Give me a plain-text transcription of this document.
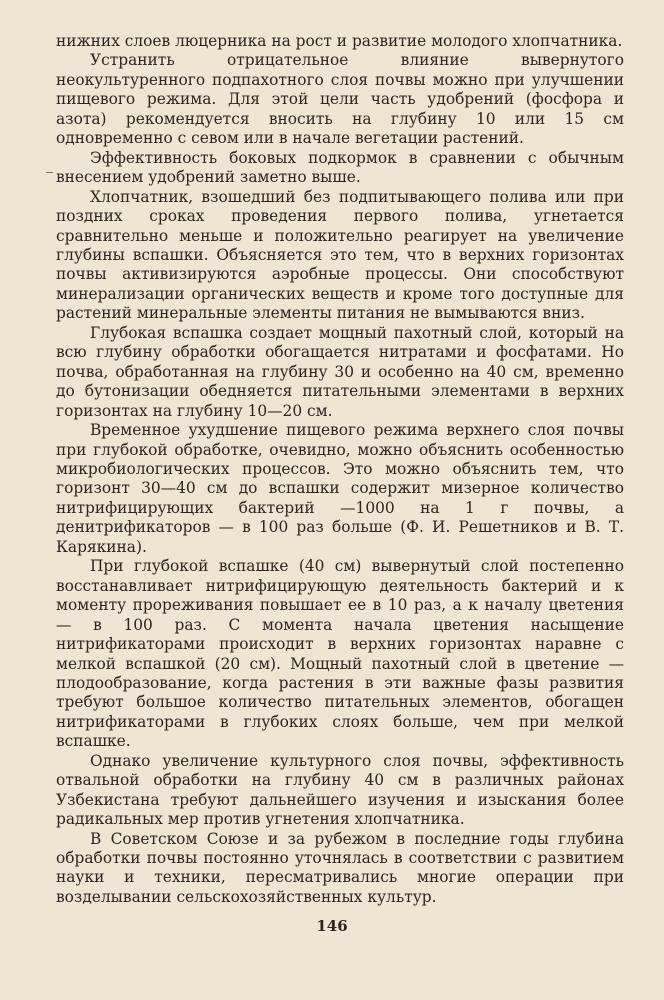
нижних слоев люцерника на рост и развитие молодого хлопчатника.

Устранить отрицательное влияние вывернутого неокультуренного подпахотного слоя почвы можно при улучшении пищевого режима. Для этой цели часть удобрений (фосфора и азота) рекомендуется вносить на глубину 10 или 15 см одновременно с севом или в начале вегетации растений.

Эффективность боковых подкормок в сравнении с обычным внесением удобрений заметно выше.

Хлопчатник, взошедший без подпитывающего полива или при поздних сроках проведения первого полива, угнетается сравнительно меньше и положительно реагирует на увеличение глубины вспашки. Объясняется это тем, что в верхних горизонтах почвы активизируются аэробные процессы. Они способствуют минерализации органических веществ и кроме того доступные для растений минеральные элементы питания не вымываются вниз.

Глубокая вспашка создает мощный пахотный слой, который на всю глубину обработки обогащается нитратами и фосфатами. Но почва, обработанная на глубину 30 и особенно на 40 см, временно до бутонизации обедняется питательными элементами в верхних горизонтах на глубину 10—20 см.

Временное ухудшение пищевого режима верхнего слоя почвы при глубокой обработке, очевидно, можно объяснить особенностью микробиологических процессов. Это можно объяснить тем, что горизонт 30—40 см до вспашки содержит мизерное количество нитрифицирующих бактерий —1000 на 1 г почвы, а денитрификаторов — в 100 раз больше (Ф. И. Решетников и В. Т. Карякина).

При глубокой вспашке (40 см) вывернутый слой постепенно восстанавливает нитрифицирующую деятельность бактерий и к моменту прореживания повышает ее в 10 раз, а к началу цветения — в 100 раз. С момента начала цветения насыщение нитрификаторами происходит в верхних горизонтах наравне с мелкой вспашкой (20 см). Мощный пахотный слой в цветение — плодообразование, когда растения в эти важные фазы развития требуют большое количество питательных элементов, обогащен нитрификаторами в глубоких слоях больше, чем при мелкой вспашке.

Однако увеличение культурного слоя почвы, эффективность отвальной обработки на глубину 40 см в различных районах Узбекистана требуют дальнейшего изучения и изыскания более радикальных мер против угнетения хлопчатника.

В Советском Союзе и за рубежом в последние годы глубина обработки почвы постоянно уточнялась в соответствии с развитием науки и техники, пересматривались многие операции при возделывании сельскохозяйственных культур.

146
